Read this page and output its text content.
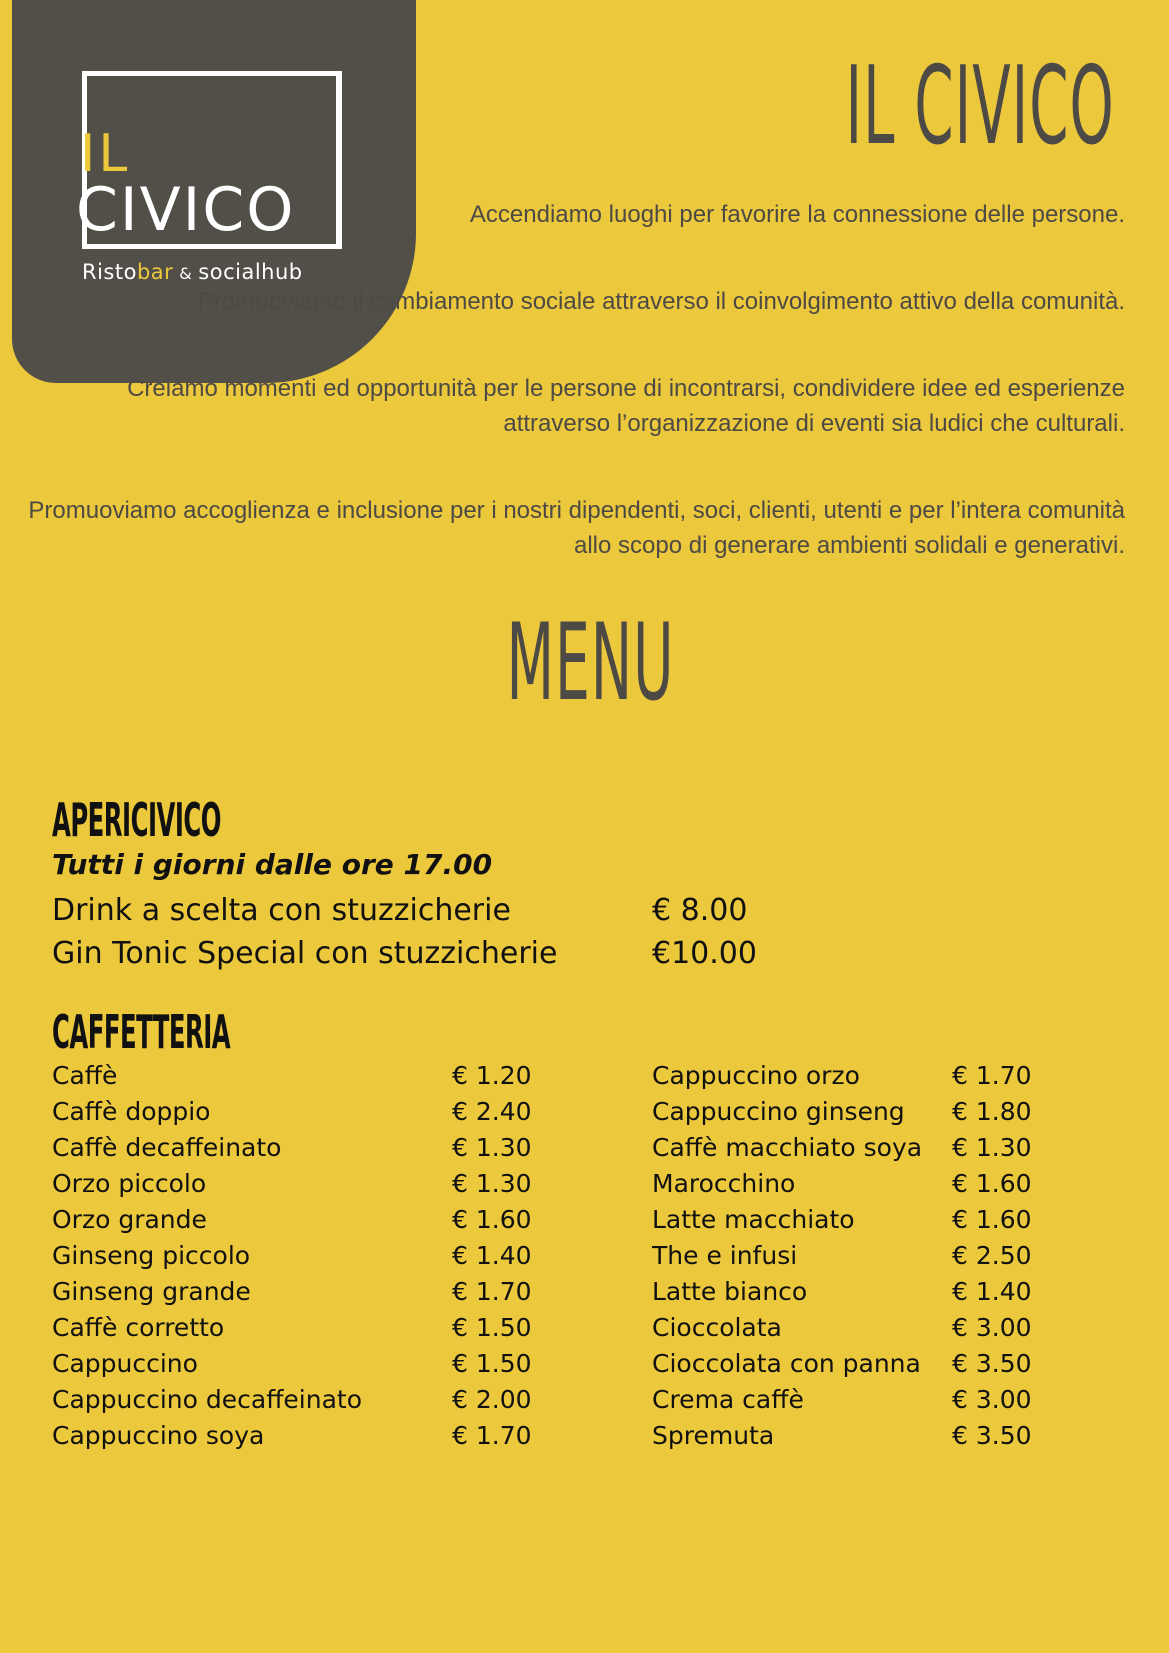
IL
CIVICO
Ristobar & socialhub
IL CIVICO

Accendiamo luoghi per favorire la connessione delle persone.

Promuoviamo il cambiamento sociale attraverso il coinvolgimento attivo della comunità.

Creiamo momenti ed opportunità per le persone di incontrarsi, condividere idee ed esperienze attraverso l’organizzazione di eventi sia ludici che culturali.

Promuoviamo accoglienza e inclusione per i nostri dipendenti, soci, clienti, utenti e per l’intera comunità allo scopo di generare ambienti solidali e generativi.

MENU
APERICIVICO
Tutti i giorni dalle ore 17.00
Drink a scelta con stuzzicherie	€ 8.00
Gin Tonic Special con stuzzicherie	€10.00
CAFFETTERIA
Caffè	€ 1.20
Caffè doppio	€ 2.40
Caffè decaffeinato	€ 1.30
Orzo piccolo	€ 1.30
Orzo grande	€ 1.60
Ginseng piccolo	€ 1.40
Ginseng grande	€ 1.70
Caffè corretto	€ 1.50
Cappuccino	€ 1.50
Cappuccino decaffeinato	€ 2.00
Cappuccino soya	€ 1.70
Cappuccino orzo	€ 1.70
Cappuccino ginseng € 1.80
Caffè macchiato soya € 1.30
Marocchino	€ 1.60
Latte macchiato	€ 1.60
The e infusi	€ 2.50
Latte bianco	€ 1.40
Cioccolata	€ 3.00
Cioccolata con panna € 3.50
Crema caffè	€ 3.00
Spremuta	€ 3.50
